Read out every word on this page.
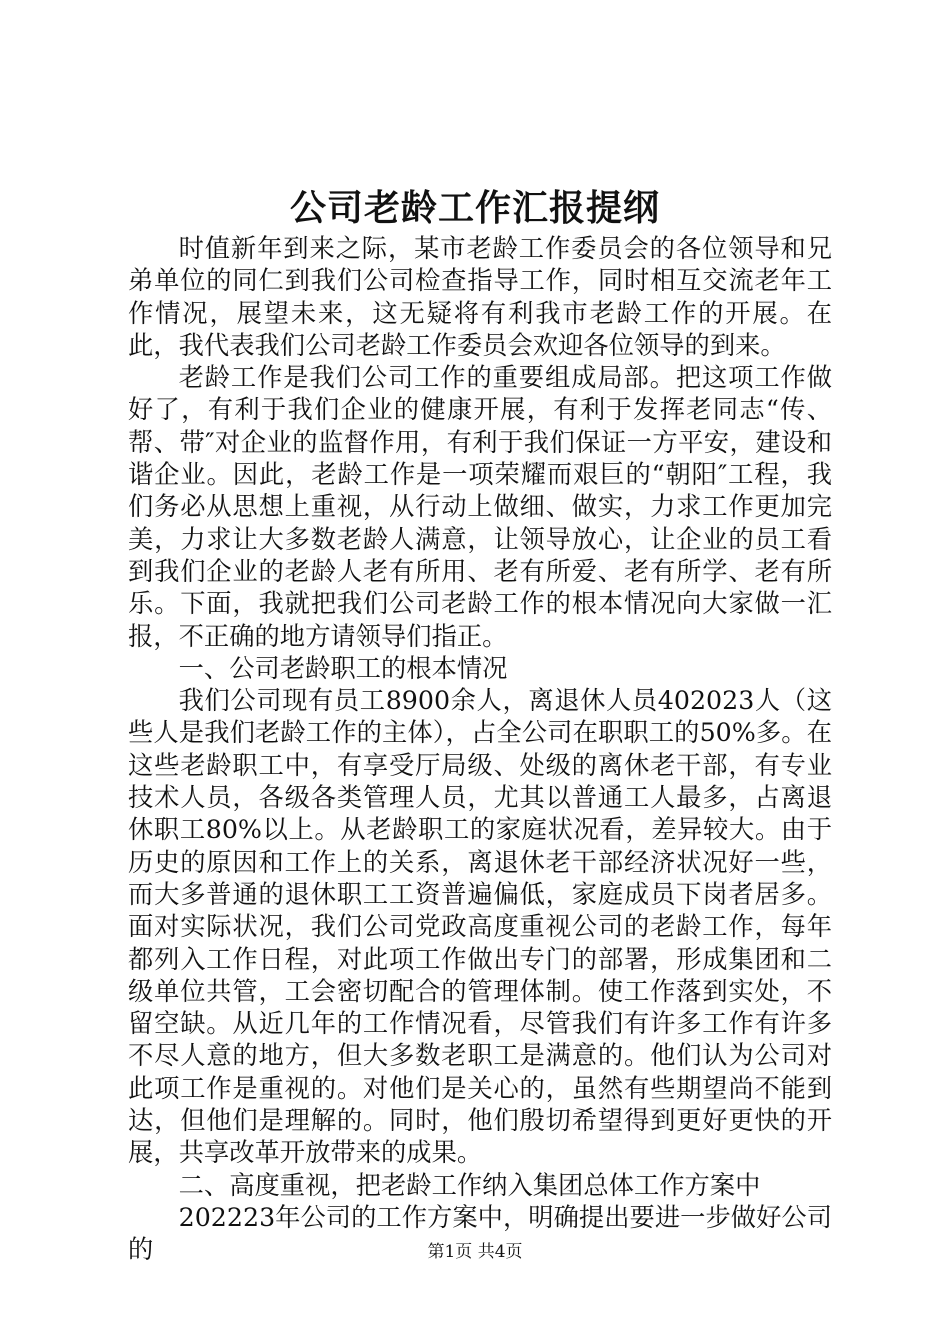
公司老龄工作汇报提纲

时值新年到来之际，某市老龄工作委员会的各位领导和兄弟单位的同仁到我们公司检查指导工作，同时相互交流老年工作情况，展望未来，这无疑将有利我市老龄工作的开展。在此，我代表我们公司老龄工作委员会欢迎各位领导的到来。

老龄工作是我们公司工作的重要组成局部。把这项工作做好了，有利于我们企业的健康开展，有利于发挥老同志“传、帮、带″对企业的监督作用，有利于我们保证一方平安，建设和谐企业。因此，老龄工作是一项荣耀而艰巨的“朝阳″工程，我们务必从思想上重视，从行动上做细、做实，力求工作更加完美，力求让大多数老龄人满意，让领导放心，让企业的员工看到我们企业的老龄人老有所用、老有所爱、老有所学、老有所乐。下面，我就把我们公司老龄工作的根本情况向大家做一汇报，不正确的地方请领导们指正。

一、公司老龄职工的根本情况

我们公司现有员工8900余人，离退休人员402023人（这些人是我们老龄工作的主体），占全公司在职职工的50%多。在这些老龄职工中，有享受厅局级、处级的离休老干部，有专业技术人员，各级各类管理人员，尤其以普通工人最多，占离退休职工80%以上。从老龄职工的家庭状况看，差异较大。由于历史的原因和工作上的关系，离退休老干部经济状况好一些，而大多普通的退休职工工资普遍偏低，家庭成员下岗者居多。面对实际状况，我们公司党政高度重视公司的老龄工作，每年都列入工作日程，对此项工作做出专门的部署，形成集团和二级单位共管，工会密切配合的管理体制。使工作落到实处，不留空缺。从近几年的工作情况看，尽管我们有许多工作有许多不尽人意的地方，但大多数老职工是满意的。他们认为公司对此项工作是重视的。对他们是关心的，虽然有些期望尚不能到达，但他们是理解的。同时，他们殷切希望得到更好更快的开展，共享改革开放带来的成果。

二、高度重视，把老龄工作纳入集团总体工作方案中

202223年公司的工作方案中，明确提出要进一步做好公司的	第1页 共4页
